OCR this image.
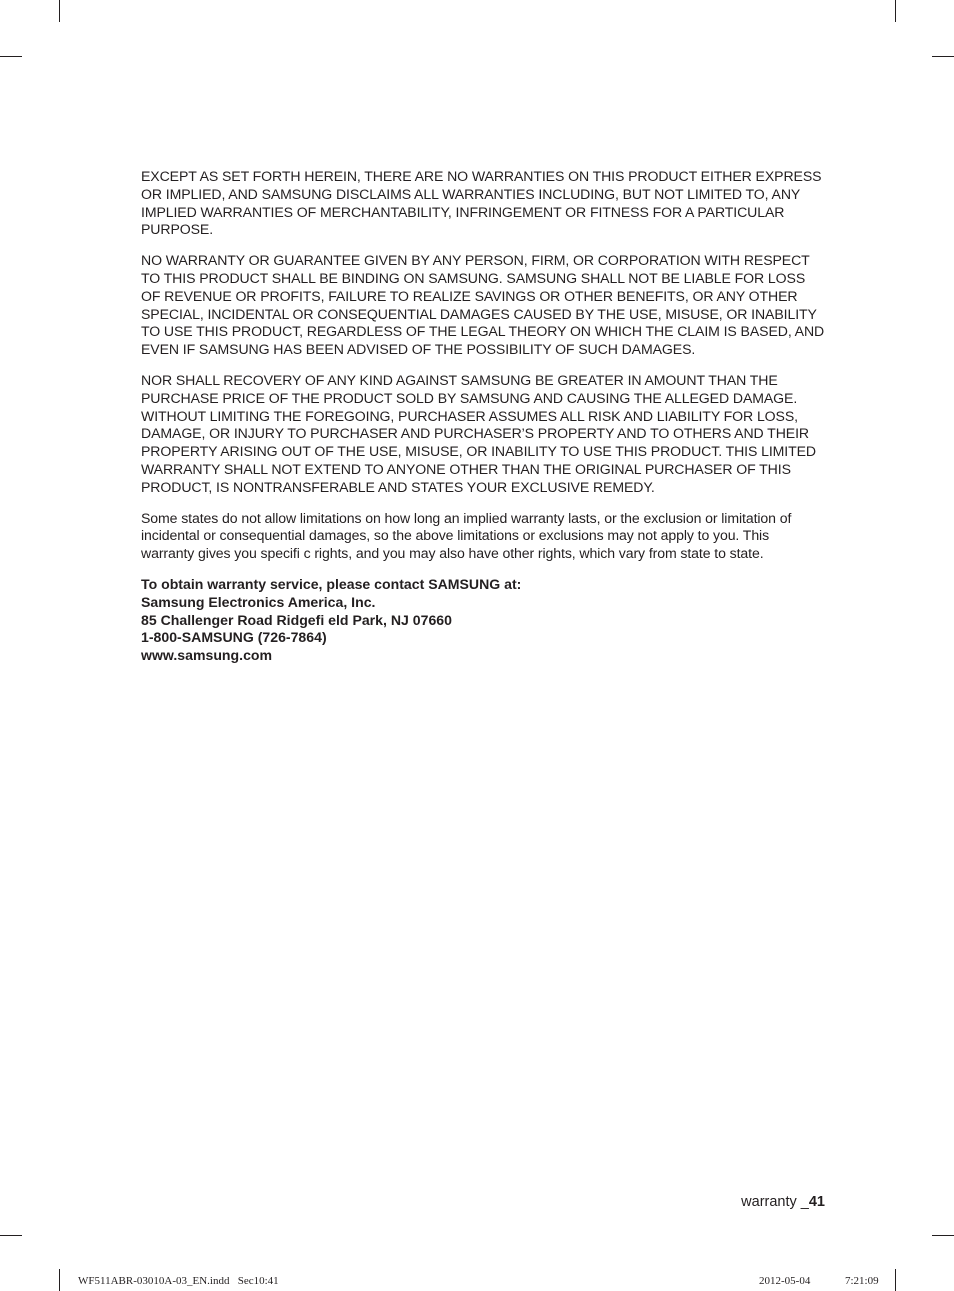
EXCEPT AS SET FORTH HEREIN, THERE ARE NO WARRANTIES ON THIS PRODUCT EITHER EXPRESS OR IMPLIED, AND SAMSUNG DISCLAIMS ALL WARRANTIES INCLUDING, BUT NOT LIMITED TO, ANY IMPLIED WARRANTIES OF MERCHANTABILITY, INFRINGEMENT OR FITNESS FOR A PARTICULAR PURPOSE.

NO WARRANTY OR GUARANTEE GIVEN BY ANY PERSON, FIRM, OR CORPORATION WITH RESPECT TO THIS PRODUCT SHALL BE BINDING ON SAMSUNG. SAMSUNG SHALL NOT BE LIABLE FOR LOSS OF REVENUE OR PROFITS, FAILURE TO REALIZE SAVINGS OR OTHER BENEFITS, OR ANY OTHER SPECIAL, INCIDENTAL OR CONSEQUENTIAL DAMAGES CAUSED BY THE USE, MISUSE, OR INABILITY TO USE THIS PRODUCT, REGARDLESS OF THE LEGAL THEORY ON WHICH THE CLAIM IS BASED, AND EVEN IF SAMSUNG HAS BEEN ADVISED OF THE POSSIBILITY OF SUCH DAMAGES.

NOR SHALL RECOVERY OF ANY KIND AGAINST SAMSUNG BE GREATER IN AMOUNT THAN THE PURCHASE PRICE OF THE PRODUCT SOLD BY SAMSUNG AND CAUSING THE ALLEGED DAMAGE. WITHOUT LIMITING THE FOREGOING, PURCHASER ASSUMES ALL RISK AND LIABILITY FOR LOSS, DAMAGE, OR INJURY TO PURCHASER AND PURCHASER’S PROPERTY AND TO OTHERS AND THEIR PROPERTY ARISING OUT OF THE USE, MISUSE, OR INABILITY TO USE THIS PRODUCT. THIS LIMITED WARRANTY SHALL NOT EXTEND TO ANYONE OTHER THAN THE ORIGINAL PURCHASER OF THIS PRODUCT, IS NONTRANSFERABLE AND STATES YOUR EXCLUSIVE REMEDY.

Some states do not allow limitations on how long an implied warranty lasts, or the exclusion or limitation of incidental or consequential damages, so the above limitations or exclusions may not apply to you. This warranty gives you specifi c rights, and you may also have other rights, which vary from state to state.

To obtain warranty service, please contact SAMSUNG at:
Samsung Electronics America, Inc.
85 Challenger Road Ridgefi eld Park, NJ 07660
1-800-SAMSUNG (726-7864)
www.samsung.com
warranty _41
WF511ABR-03010A-03_EN.indd   Sec10:41	2012-05-04	7:21:09
